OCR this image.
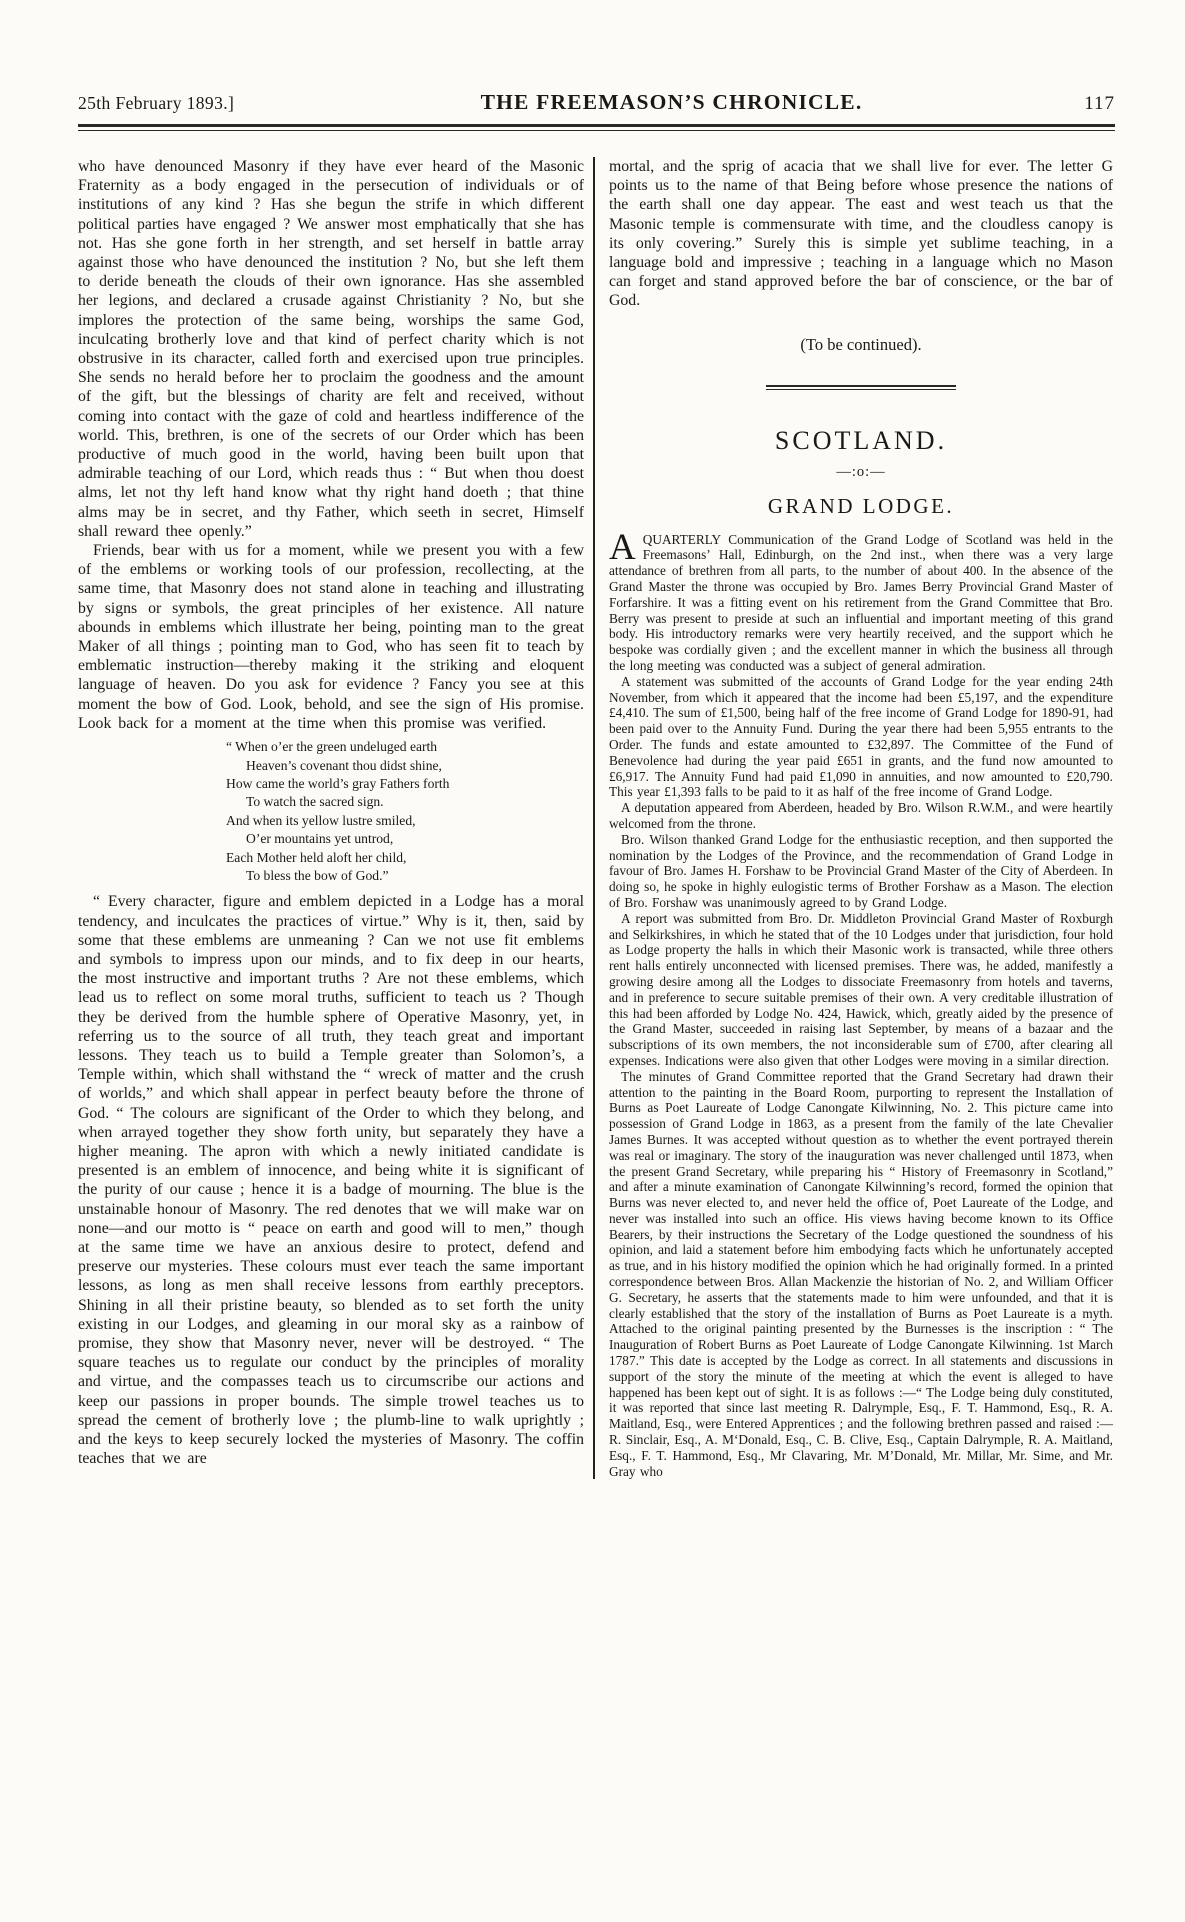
25th February 1893.]	THE FREEMASON’S CHRONICLE.	117

who have denounced Masonry if they have ever heard of the Masonic Fraternity as a body engaged in the persecution of individuals or of institutions of any kind ? Has she begun the strife in which different political parties have engaged ? We answer most emphatically that she has not. Has she gone forth in her strength, and set herself in battle array against those who have denounced the institution ? No, but she left them to deride beneath the clouds of their own ignorance. Has she assembled her legions, and declared a crusade against Christianity ? No, but she implores the protection of the same being, worships the same God, inculcating brotherly love and that kind of perfect charity which is not obstrusive in its character, called forth and exercised upon true principles. She sends no herald before her to proclaim the goodness and the amount of the gift, but the blessings of charity are felt and received, without coming into contact with the gaze of cold and heartless indifference of the world. This, brethren, is one of the secrets of our Order which has been productive of much good in the world, having been built upon that admirable teaching of our Lord, which reads thus : “ But when thou doest alms, let not thy left hand know what thy right hand doeth ; that thine alms may be in secret, and thy Father, which seeth in secret, Himself shall reward thee openly.”

Friends, bear with us for a moment, while we present you with a few of the emblems or working tools of our profession, recollecting, at the same time, that Masonry does not stand alone in teaching and illustrating by signs or symbols, the great principles of her existence. All nature abounds in emblems which illustrate her being, pointing man to the great Maker of all things ; pointing man to God, who has seen fit to teach by emblematic instruction—thereby making it the striking and eloquent language of heaven. Do you ask for evidence ? Fancy you see at this moment the bow of God. Look, behold, and see the sign of His promise. Look back for a moment at the time when this promise was verified.

“ When o’er the green undeluged earth
Heaven’s covenant thou didst shine,
How came the world’s gray Fathers forth
To watch the sacred sign.
And when its yellow lustre smiled,
O’er mountains yet untrod,
Each Mother held aloft her child,
To bless the bow of God.”

“ Every character, figure and emblem depicted in a Lodge has a moral tendency, and inculcates the practices of virtue.” Why is it, then, said by some that these emblems are unmeaning ? Can we not use fit emblems and symbols to impress upon our minds, and to fix deep in our hearts, the most instructive and important truths ? Are not these emblems, which lead us to reflect on some moral truths, sufficient to teach us ? Though they be derived from the humble sphere of Operative Masonry, yet, in referring us to the source of all truth, they teach great and important lessons. They teach us to build a Temple greater than Solomon’s, a Temple within, which shall withstand the “ wreck of matter and the crush of worlds,” and which shall appear in perfect beauty before the throne of God. “ The colours are significant of the Order to which they belong, and when arrayed together they show forth unity, but separately they have a higher meaning. The apron with which a newly initiated candidate is presented is an emblem of innocence, and being white it is significant of the purity of our cause ; hence it is a badge of mourning. The blue is the unstainable honour of Masonry. The red denotes that we will make war on none—and our motto is “ peace on earth and good will to men,” though at the same time we have an anxious desire to protect, defend and preserve our mysteries. These colours must ever teach the same important lessons, as long as men shall receive lessons from earthly preceptors. Shining in all their pristine beauty, so blended as to set forth the unity existing in our Lodges, and gleaming in our moral sky as a rainbow of promise, they show that Masonry never, never will be destroyed. “ The square teaches us to regulate our conduct by the principles of morality and virtue, and the compasses teach us to circumscribe our actions and keep our passions in proper bounds. The simple trowel teaches us to spread the cement of brotherly love ; the plumb-line to walk uprightly ; and the keys to keep securely locked the mysteries of Masonry. The coffin teaches that we are

mortal, and the sprig of acacia that we shall live for ever. The letter G points us to the name of that Being before whose presence the nations of the earth shall one day appear. The east and west teach us that the Masonic temple is commensurate with time, and the cloudless canopy is its only covering.” Surely this is simple yet sublime teaching, in a language bold and impressive ; teaching in a language which no Mason can forget and stand approved before the bar of conscience, or the bar of God.

(To be continued).
SCOTLAND.
—:o:—
GRAND LODGE.

AQUARTERLY Communication of the Grand Lodge of Scotland was held in the Freemasons’ Hall, Edinburgh, on the 2nd inst., when there was a very large attendance of brethren from all parts, to the number of about 400. In the absence of the Grand Master the throne was occupied by Bro. James Berry Provincial Grand Master of Forfarshire. It was a fitting event on his retirement from the Grand Committee that Bro. Berry was present to preside at such an influential and important meeting of this grand body. His introductory remarks were very heartily received, and the support which he bespoke was cordially given ; and the excellent manner in which the business all through the long meeting was conducted was a subject of general admiration.

A statement was submitted of the accounts of Grand Lodge for the year ending 24th November, from which it appeared that the income had been £5,197, and the expenditure £4,410. The sum of £1,500, being half of the free income of Grand Lodge for 1890-91, had been paid over to the Annuity Fund. During the year there had been 5,955 entrants to the Order. The funds and estate amounted to £32,897. The Committee of the Fund of Benevolence had during the year paid £651 in grants, and the fund now amounted to £6,917. The Annuity Fund had paid £1,090 in annuities, and now amounted to £20,790. This year £1,393 falls to be paid to it as half of the free income of Grand Lodge.

A deputation appeared from Aberdeen, headed by Bro. Wilson R.W.M., and were heartily welcomed from the throne.

Bro. Wilson thanked Grand Lodge for the enthusiastic reception, and then supported the nomination by the Lodges of the Province, and the recommendation of Grand Lodge in favour of Bro. James H. Forshaw to be Provincial Grand Master of the City of Aberdeen. In doing so, he spoke in highly eulogistic terms of Brother Forshaw as a Mason. The election of Bro. Forshaw was unanimously agreed to by Grand Lodge.

A report was submitted from Bro. Dr. Middleton Provincial Grand Master of Roxburgh and Selkirkshires, in which he stated that of the 10 Lodges under that jurisdiction, four hold as Lodge property the halls in which their Masonic work is transacted, while three others rent halls entirely unconnected with licensed premises. There was, he added, manifestly a growing desire among all the Lodges to dissociate Freemasonry from hotels and taverns, and in preference to secure suitable premises of their own. A very creditable illustration of this had been afforded by Lodge No. 424, Hawick, which, greatly aided by the presence of the Grand Master, succeeded in raising last September, by means of a bazaar and the subscriptions of its own members, the not inconsiderable sum of £700, after clearing all expenses. Indications were also given that other Lodges were moving in a similar direction.

The minutes of Grand Committee reported that the Grand Secretary had drawn their attention to the painting in the Board Room, purporting to represent the Installation of Burns as Poet Laureate of Lodge Canongate Kilwinning, No. 2. This picture came into possession of Grand Lodge in 1863, as a present from the family of the late Chevalier James Burnes. It was accepted without question as to whether the event portrayed therein was real or imaginary. The story of the inauguration was never challenged until 1873, when the present Grand Secretary, while preparing his “ History of Freemasonry in Scotland,” and after a minute examination of Canongate Kilwinning’s record, formed the opinion that Burns was never elected to, and never held the office of, Poet Laureate of the Lodge, and never was installed into such an office. His views having become known to its Office Bearers, by their instructions the Secretary of the Lodge questioned the soundness of his opinion, and laid a statement before him embodying facts which he unfortunately accepted as true, and in his history modified the opinion which he had originally formed. In a printed correspondence between Bros. Allan Mackenzie the historian of No. 2, and William Officer G. Secretary, he asserts that the statements made to him were unfounded, and that it is clearly established that the story of the installation of Burns as Poet Laureate is a myth. Attached to the original painting presented by the Burnesses is the inscription : “ The Inauguration of Robert Burns as Poet Laureate of Lodge Canongate Kilwinning. 1st March 1787.” This date is accepted by the Lodge as correct. In all statements and discussions in support of the story the minute of the meeting at which the event is alleged to have happened has been kept out of sight. It is as follows :—“ The Lodge being duly constituted, it was reported that since last meeting R. Dalrymple, Esq., F. T. Hammond, Esq., R. A. Maitland, Esq., were Entered Apprentices ; and the following brethren passed and raised :— R. Sinclair, Esq., A. M‘Donald, Esq., C. B. Clive, Esq., Captain Dalrymple, R. A. Maitland, Esq., F. T. Hammond, Esq., Mr Clavaring, Mr. M’Donald, Mr. Millar, Mr. Sime, and Mr. Gray who
